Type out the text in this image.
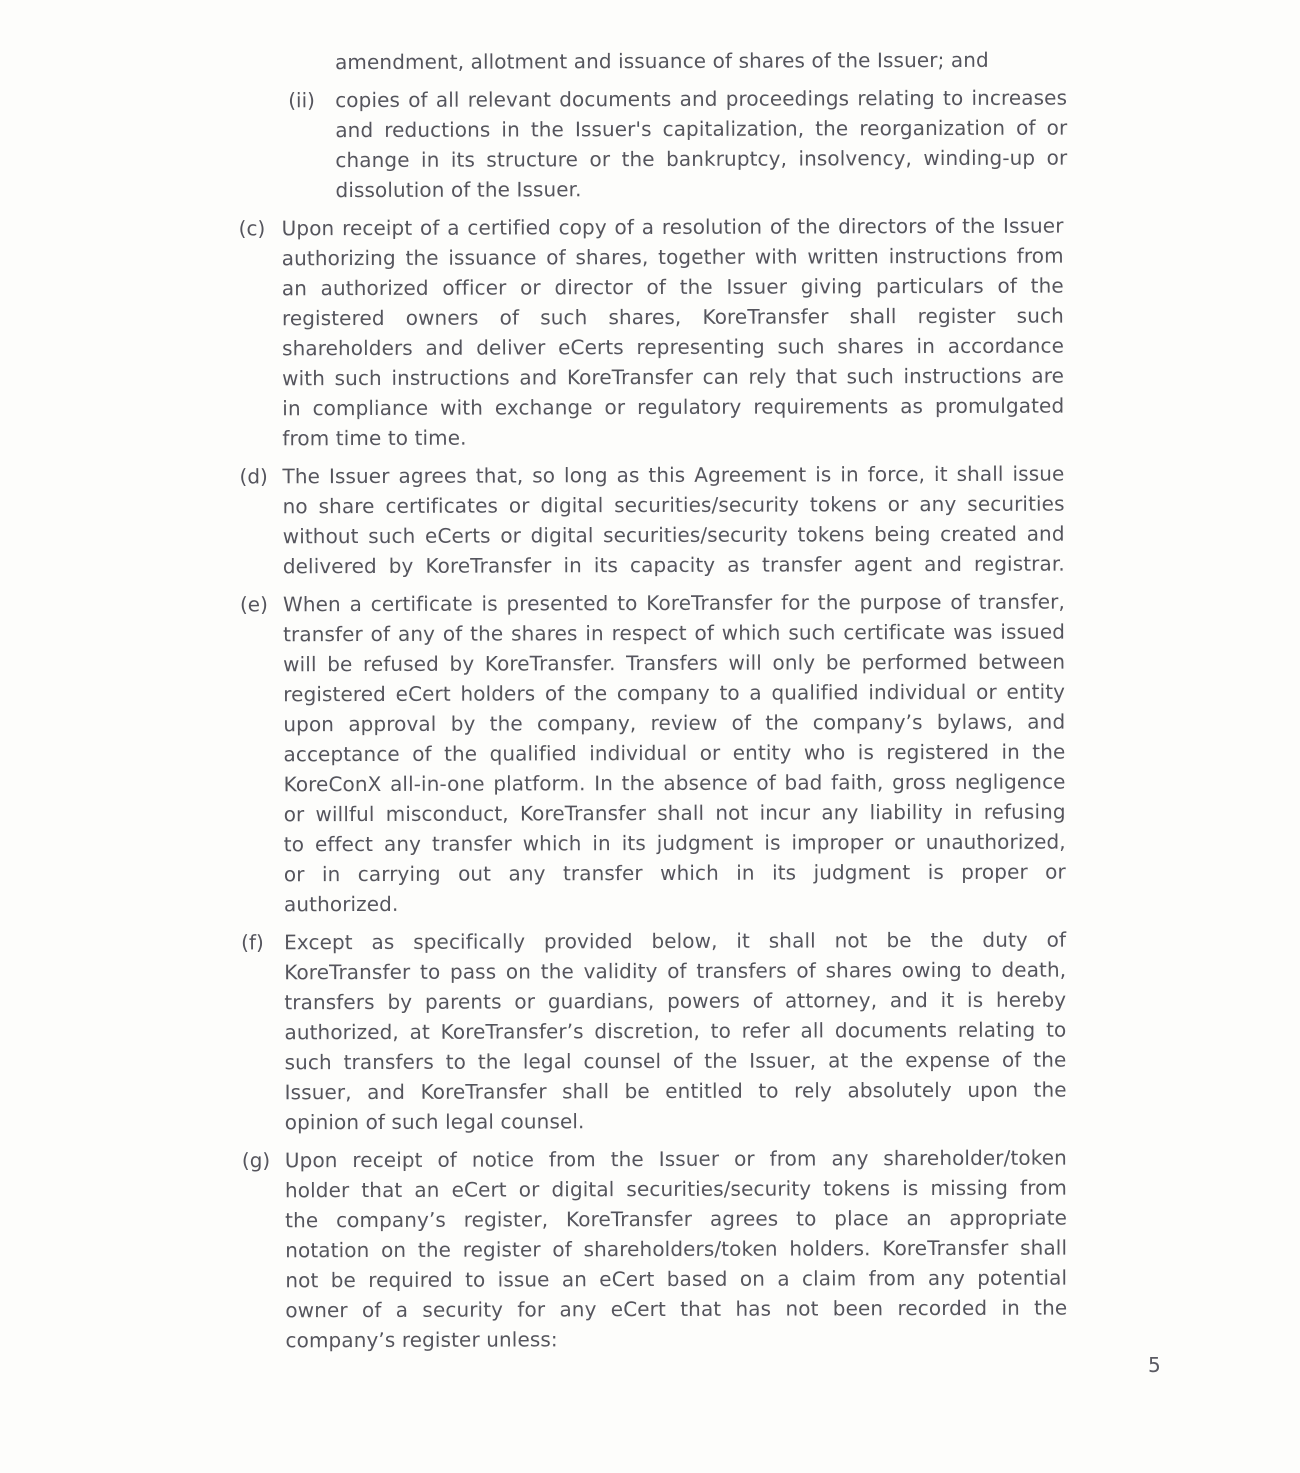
amendment, allotment and issuance of shares of the Issuer; and
(ii)	copies of all relevant documents and proceedings relating to increases
and reductions in the Issuer's capitalization, the reorganization of or
change in its structure or the bankruptcy, insolvency, winding-up or
dissolution of the Issuer.
(c) Upon receipt of a certified copy of a resolution of the directors of the Issuer
authorizing the issuance of shares, together with written instructions from
an authorized officer or director of the Issuer giving particulars of the
registered owners of such shares, KoreTransfer shall register such
shareholders and deliver eCerts representing such shares in accordance
with such instructions and KoreTransfer can rely that such instructions are
in compliance with exchange or regulatory requirements as promulgated
from time to time.
(d) The Issuer agrees that, so long as this Agreement is in force, it shall issue
no share certificates or digital securities/security tokens or any securities
without such eCerts or digital securities/security tokens being created and
delivered by KoreTransfer in its capacity as transfer agent and registrar.
(e) When a certificate is presented to KoreTransfer for the purpose of transfer,
transfer of any of the shares in respect of which such certificate was issued
will be refused by KoreTransfer. Transfers will only be performed between
registered eCert holders of the company to a qualified individual or entity
upon approval by the company, review of the company’s bylaws, and
acceptance of the qualified individual or entity who is registered in the
KoreConX all-in-one platform. In the absence of bad faith, gross negligence
or willful misconduct, KoreTransfer shall not incur any liability in refusing
to effect any transfer which in its judgment is improper or unauthorized,
or in carrying out any transfer which in its judgment is proper or
authorized.
(f)	Except as specifically provided below, it shall not be the duty of
KoreTransfer to pass on the validity of transfers of shares owing to death,
transfers by parents or guardians, powers of attorney, and it is hereby
authorized, at KoreTransfer’s discretion, to refer all documents relating to
such transfers to the legal counsel of the Issuer, at the expense of the
Issuer, and KoreTransfer shall be entitled to rely absolutely upon the
opinion of such legal counsel.
(g) Upon receipt of notice from the Issuer or from any shareholder/token
holder that an eCert or digital securities/security tokens is missing from
the company’s register, KoreTransfer agrees to place an appropriate
notation on the register of shareholders/token holders. KoreTransfer shall
not be required to issue an eCert based on a claim from any potential
owner of a security for any eCert that has not been recorded in the
company’s register unless:
5
